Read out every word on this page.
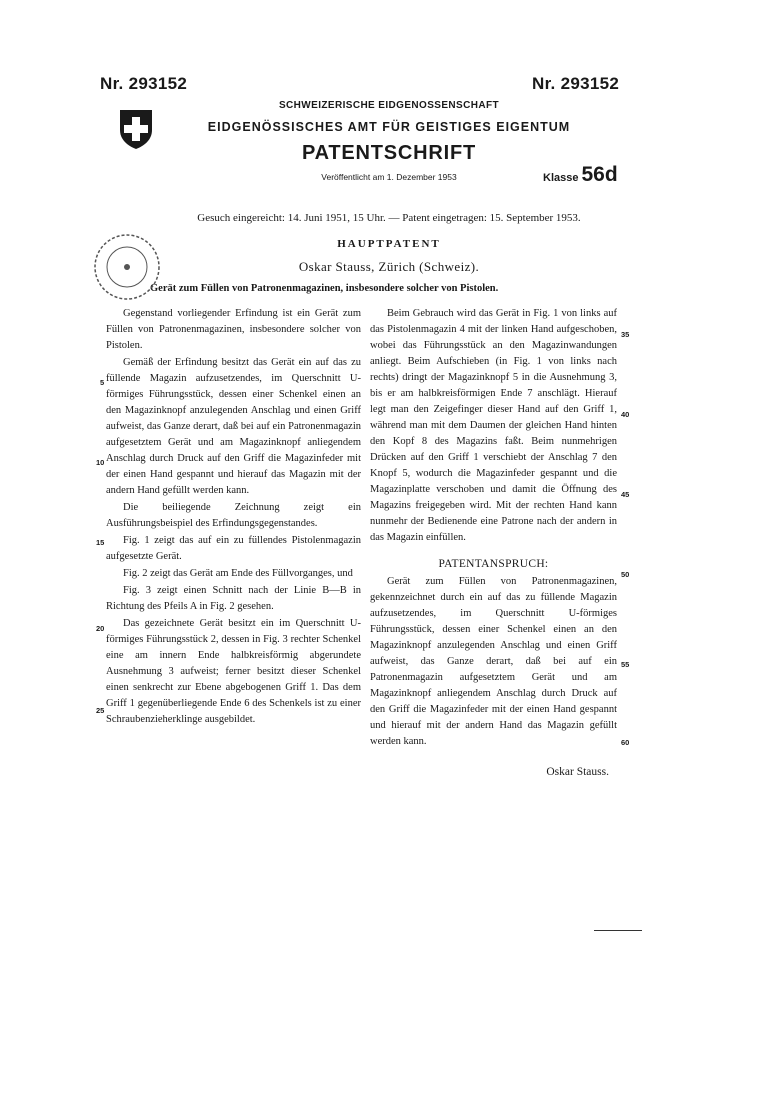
Nr. 293152	Nr. 293152
SCHWEIZERISCHE EIDGENOSSENSCHAFT
EIDGENÖSSISCHES AMT FÜR GEISTIGES EIGENTUM
PATENTSCHRIFT
Veröffentlicht am 1. Dezember 1953	Klasse 56d
Gesuch eingereicht: 14. Juni 1951, 15 Uhr. — Patent eingetragen: 15. September 1953.
HAUPTPATENT
Oskar Stauss, Zürich (Schweiz).
Gerät zum Füllen von Patronenmagazinen, insbesondere solcher von Pistolen.

Gegenstand vorliegender Erfindung ist ein Gerät zum Füllen von Patronenmagazinen, insbesondere solcher von Pistolen.

Gemäß der Erfindung besitzt das Gerät ein auf das zu füllende Magazin aufzusetzendes, im Querschnitt U-förmiges Führungsstück, dessen einer Schenkel einen an den Magazinknopf anzulegenden Anschlag und einen Griff aufweist, das Ganze derart, daß bei auf ein Patronenmagazin aufgesetztem Gerät und am Magazinknopf anliegendem Anschlag durch Druck auf den Griff die Magazinfeder mit der einen Hand gespannt und hierauf das Magazin mit der andern Hand gefüllt werden kann.

Die beiliegende Zeichnung zeigt ein Ausführungsbeispiel des Erfindungsgegenstandes.

Fig. 1 zeigt das auf ein zu füllendes Pistolenmagazin aufgesetzte Gerät.

Fig. 2 zeigt das Gerät am Ende des Füllvorganges, und

Fig. 3 zeigt einen Schnitt nach der Linie B—B in Richtung des Pfeils A in Fig. 2 gesehen.

Das gezeichnete Gerät besitzt ein im Querschnitt U-förmiges Führungsstück 2, dessen in Fig. 3 rechter Schenkel eine am innern Ende halbkreisförmig abgerundete Ausnehmung 3 aufweist; ferner besitzt dieser Schenkel einen senkrecht zur Ebene abgebogenen Griff 1. Das dem Griff 1 gegenüberliegende Ende 6 des Schenkels ist zu einer Schraubenzieherklinge ausgebildet.

Beim Gebrauch wird das Gerät in Fig. 1 von links auf das Pistolenmagazin 4 mit der linken Hand aufgeschoben, wobei das Führungsstück an den Magazinwandungen anliegt. Beim Aufschieben (in Fig. 1 von links nach rechts) dringt der Magazinknopf 5 in die Ausnehmung 3, bis er am halbkreisförmigen Ende 7 anschlägt. Hierauf legt man den Zeigefinger dieser Hand auf den Griff 1, während man mit dem Daumen der gleichen Hand hinten den Kopf 8 des Magazins faßt. Beim nunmehrigen Drücken auf den Griff 1 verschiebt der Anschlag 7 den Knopf 5, wodurch die Magazinfeder gespannt und die Magazinplatte verschoben und damit die Öffnung des Magazins freigegeben wird. Mit der rechten Hand kann nunmehr der Bedienende eine Patrone nach der andern in das Magazin einfüllen.

PATENTANSPRUCH:

Gerät zum Füllen von Patronenmagazinen, gekennzeichnet durch ein auf das zu füllende Magazin aufzusetzendes, im Querschnitt U-förmiges Führungsstück, dessen einer Schenkel einen an den Magazinknopf anzulegenden Anschlag und einen Griff aufweist, das Ganze derart, daß bei auf ein Patronenmagazin aufgesetztem Gerät und am Magazinknopf anliegendem Anschlag durch Druck auf den Griff die Magazinfeder mit der einen Hand gespannt und hierauf mit der andern Hand das Magazin gefüllt werden kann.

Oskar Stauss.

5
10
15
20
25
35
40
45
50
55
60
